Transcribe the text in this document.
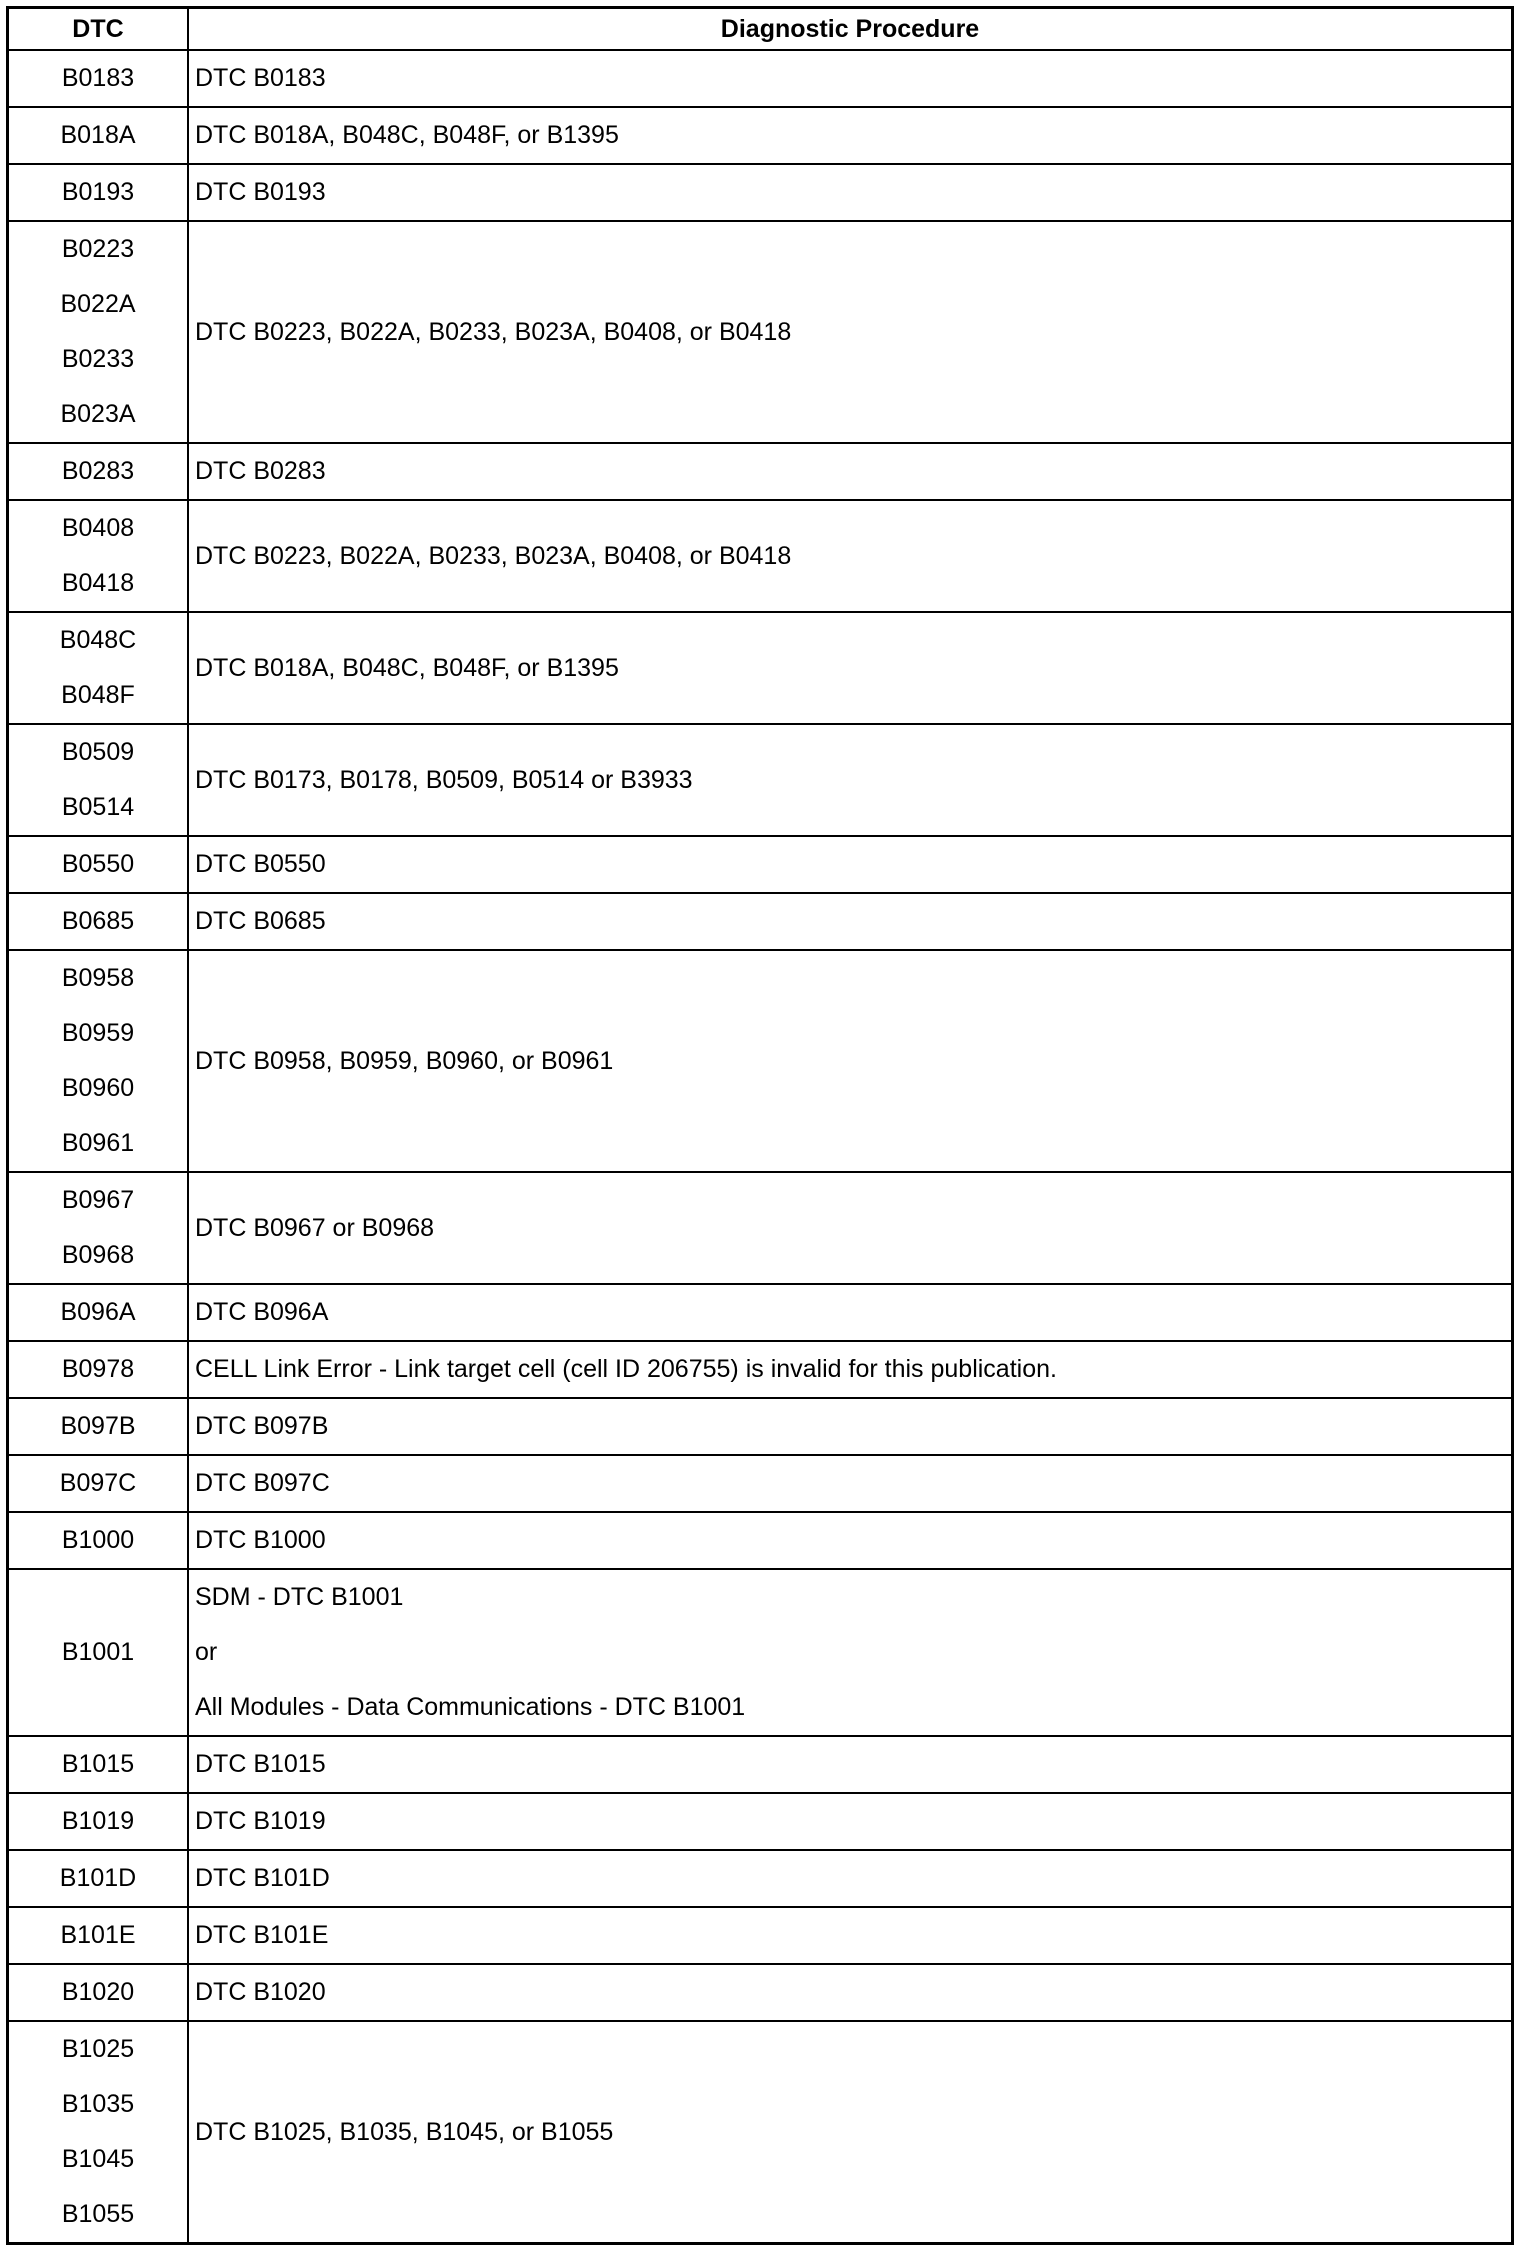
DTC	Diagnostic Procedure

B0183	DTC B0183

B018A	DTC B018A, B048C, B048F, or B1395

B0193	DTC B0193

B0223
B022A
B0233
B023A	DTC B0223, B022A, B0233, B023A, B0408, or B0418

B0283	DTC B0283

B0408
B0418	DTC B0223, B022A, B0233, B023A, B0408, or B0418

B048C
B048F	DTC B018A, B048C, B048F, or B1395

B0509
B0514	DTC B0173, B0178, B0509, B0514 or B3933

B0550	DTC B0550

B0685	DTC B0685

B0958
B0959
B0960
B0961	DTC B0958, B0959, B0960, or B0961

B0967
B0968	DTC B0967 or B0968

B096A	DTC B096A

B0978	CELL Link Error - Link target cell (cell ID 206755) is invalid for this publication.

B097B	DTC B097B

B097C	DTC B097C

B1000	DTC B1000

B1001	SDM - DTC B1001
or
All Modules - Data Communications - DTC B1001

B1015	DTC B1015

B1019	DTC B1019

B101D	DTC B101D

B101E	DTC B101E

B1020	DTC B1020

B1025
B1035
B1045
B1055	DTC B1025, B1035, B1045, or B1055
